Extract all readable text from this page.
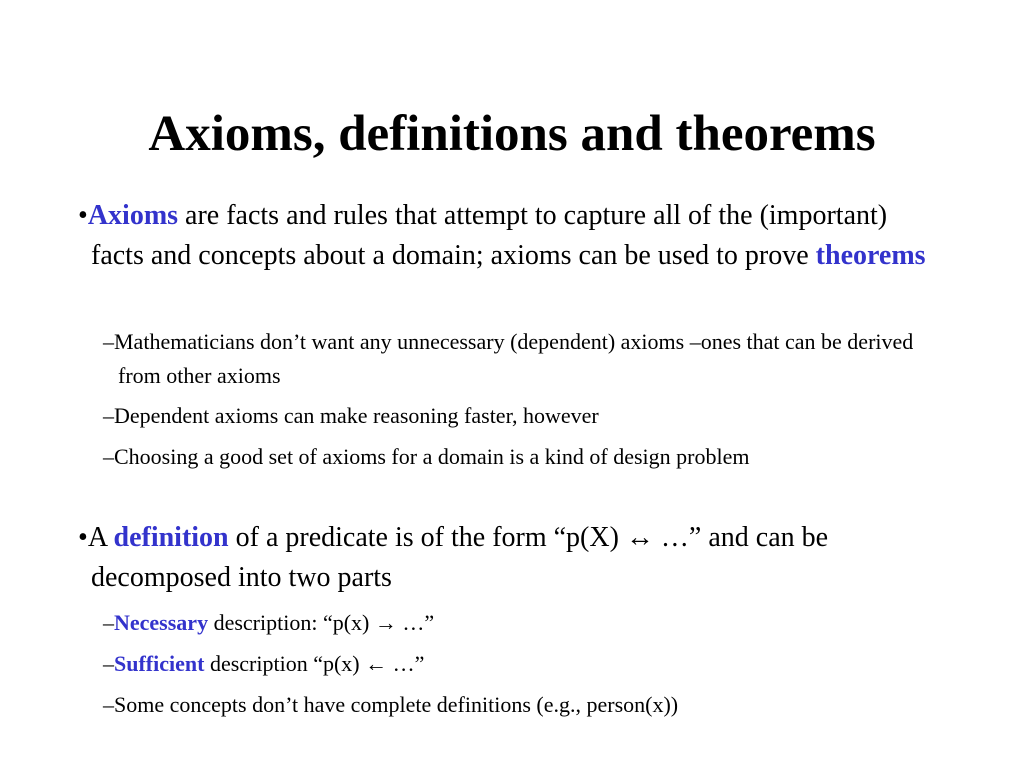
Axioms, definitions and theorems
•Axioms are facts and rules that attempt to capture all of the (important) facts and concepts about a domain; axioms can be used to prove theorems
–Mathematicians don’t want any unnecessary (dependent) axioms –ones that can be derived from other axioms
–Dependent axioms can make reasoning faster, however
–Choosing a good set of axioms for a domain is a kind of design problem
•A definition of a predicate is of the form “p(X) ↔ …” and can be decomposed into two parts
–Necessary description: “p(x) → …”
–Sufficient description “p(x) ← …”
–Some concepts don’t have complete definitions (e.g., person(x))
